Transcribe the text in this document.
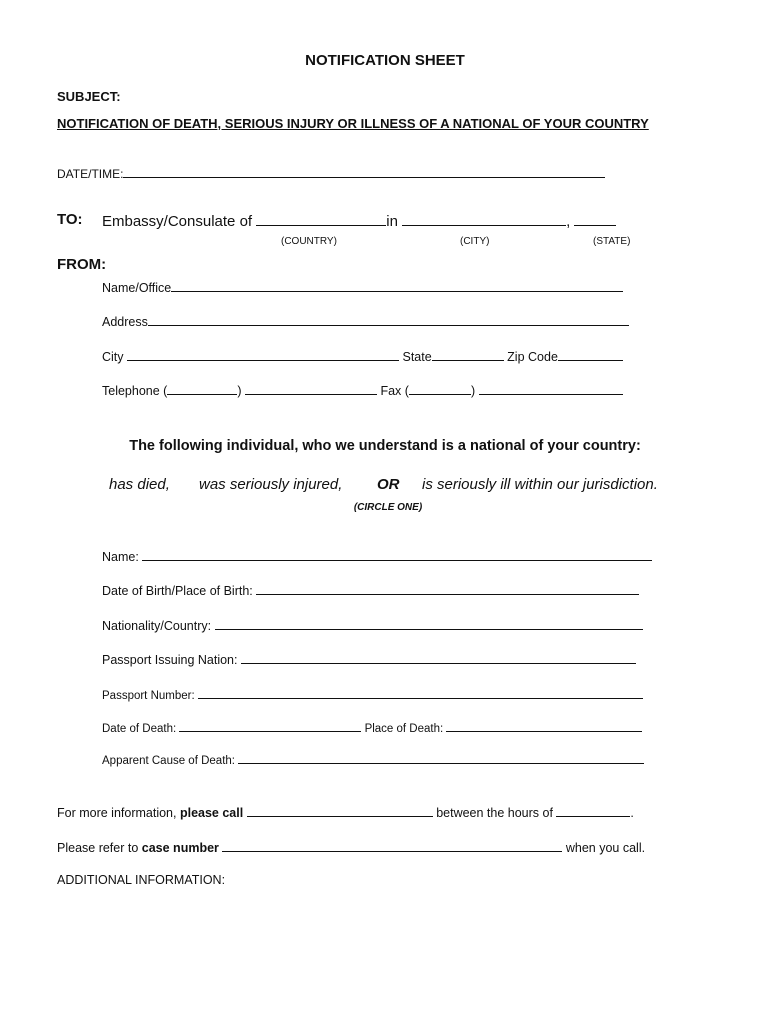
NOTIFICATION SHEET
SUBJECT:
NOTIFICATION OF DEATH, SERIOUS INJURY OR ILLNESS OF A NATIONAL OF YOUR COUNTRY
DATE/TIME:
TO: Embassy/Consulate of	in	,
(COUNTRY)	(CITY)	(STATE)
FROM:
Name/Office
Address
City	State	Zip Code
Telephone (	)	Fax (	)
The following individual, who we understand is a national of your country:
has died, was seriously injured, OR is seriously ill within our jurisdiction.
(CIRCLE ONE)
Name:
Date of Birth/Place of Birth:
Nationality/Country:
Passport Issuing Nation:
Passport Number:
Date of Death:	Place of Death:
Apparent Cause of Death:
For more information, please call	between the hours of	.
Please refer to case number	when you call.
ADDITIONAL INFORMATION:
